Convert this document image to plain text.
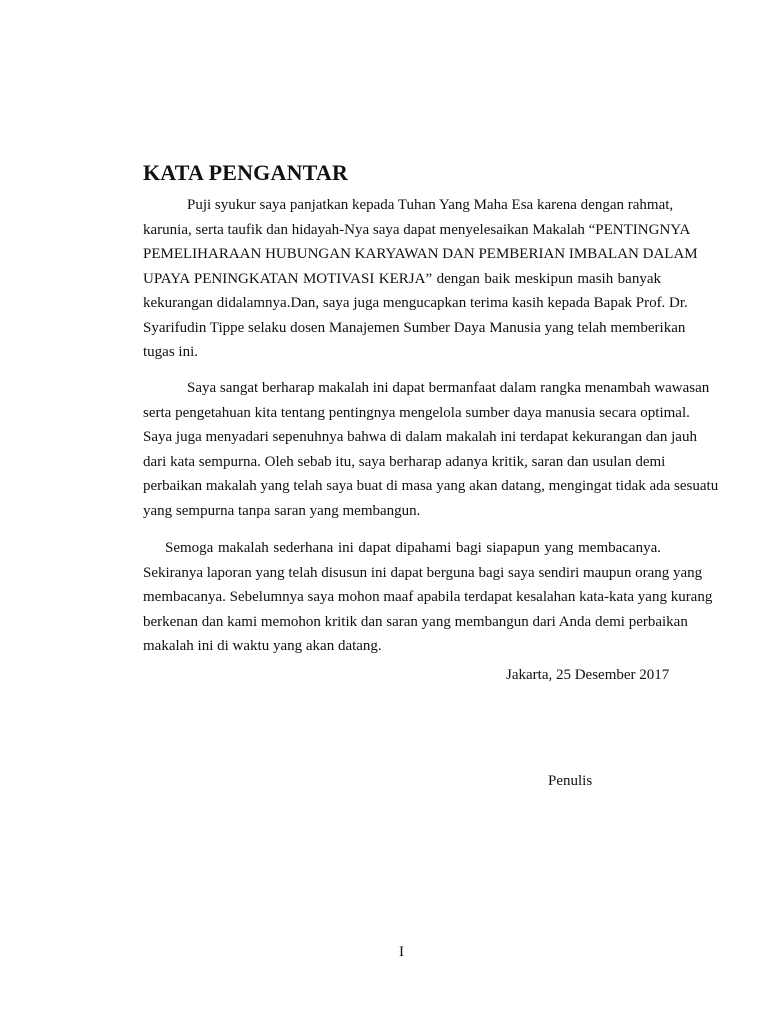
KATA PENGANTAR
Puji syukur saya panjatkan kepada Tuhan Yang Maha Esa karena dengan rahmat,
karunia, serta taufik dan hidayah-Nya saya dapat menyelesaikan Makalah “PENTINGNYA
PEMELIHARAAN HUBUNGAN KARYAWAN DAN PEMBERIAN IMBALAN DALAM
UPAYA PENINGKATAN MOTIVASI KERJA” dengan baik meskipun masih banyak
kekurangan didalamnya.Dan, saya juga mengucapkan terima kasih kepada Bapak Prof. Dr.
Syarifudin Tippe selaku dosen Manajemen Sumber Daya Manusia yang telah memberikan
tugas ini.
Saya sangat berharap makalah ini dapat bermanfaat dalam rangka menambah wawasan
serta pengetahuan kita tentang pentingnya mengelola sumber daya manusia secara optimal.
Saya juga menyadari sepenuhnya bahwa di dalam makalah ini terdapat kekurangan dan jauh
dari kata sempurna. Oleh sebab itu, saya berharap adanya kritik, saran dan usulan demi
perbaikan makalah yang telah saya buat di masa yang akan datang, mengingat tidak ada sesuatu
yang sempurna tanpa saran yang membangun.
Semoga makalah sederhana ini dapat dipahami bagi siapapun yang membacanya.
Sekiranya laporan yang telah disusun ini dapat berguna bagi saya sendiri maupun orang yang
membacanya. Sebelumnya saya mohon maaf apabila terdapat kesalahan kata-kata yang kurang
berkenan dan kami memohon kritik dan saran yang membangun dari Anda demi perbaikan
makalah ini di waktu yang akan datang.

Jakarta, 25 Desember 2017

Penulis

I
